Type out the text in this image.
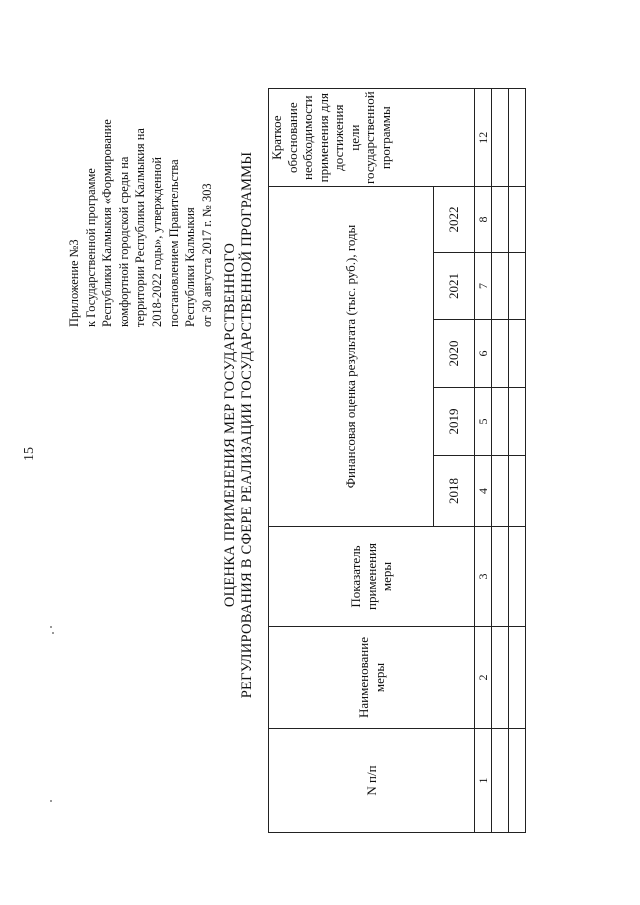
15
Приложение №3 к Государственной программе Республики Калмыкия «Формирование комфортной городской среды на территории Республики Калмыкия на 2018-2022 годы», утвержденной постановлением Правительства Республики Калмыкия от 30 августа 2017 г. № 303 ОЦЕНКА ПРИМЕНЕНИЯ МЕР ГОСУДАРСТВЕННОГО РЕГУЛИРОВАНИЯ В СФЕРЕ РЕАЛИЗАЦИИ ГОСУДАРСТВЕННОЙ ПРОГРАММЫ
N п/п	Наименование меры	Показатель применения меры	Финансовая оценка результата (тыс. руб.), годы					Краткое обоснование необходимости применения для достижения цели государственной программы
			2018	2019	2020	2021	2022	
1	2	3	4	5	6	7	8	12
